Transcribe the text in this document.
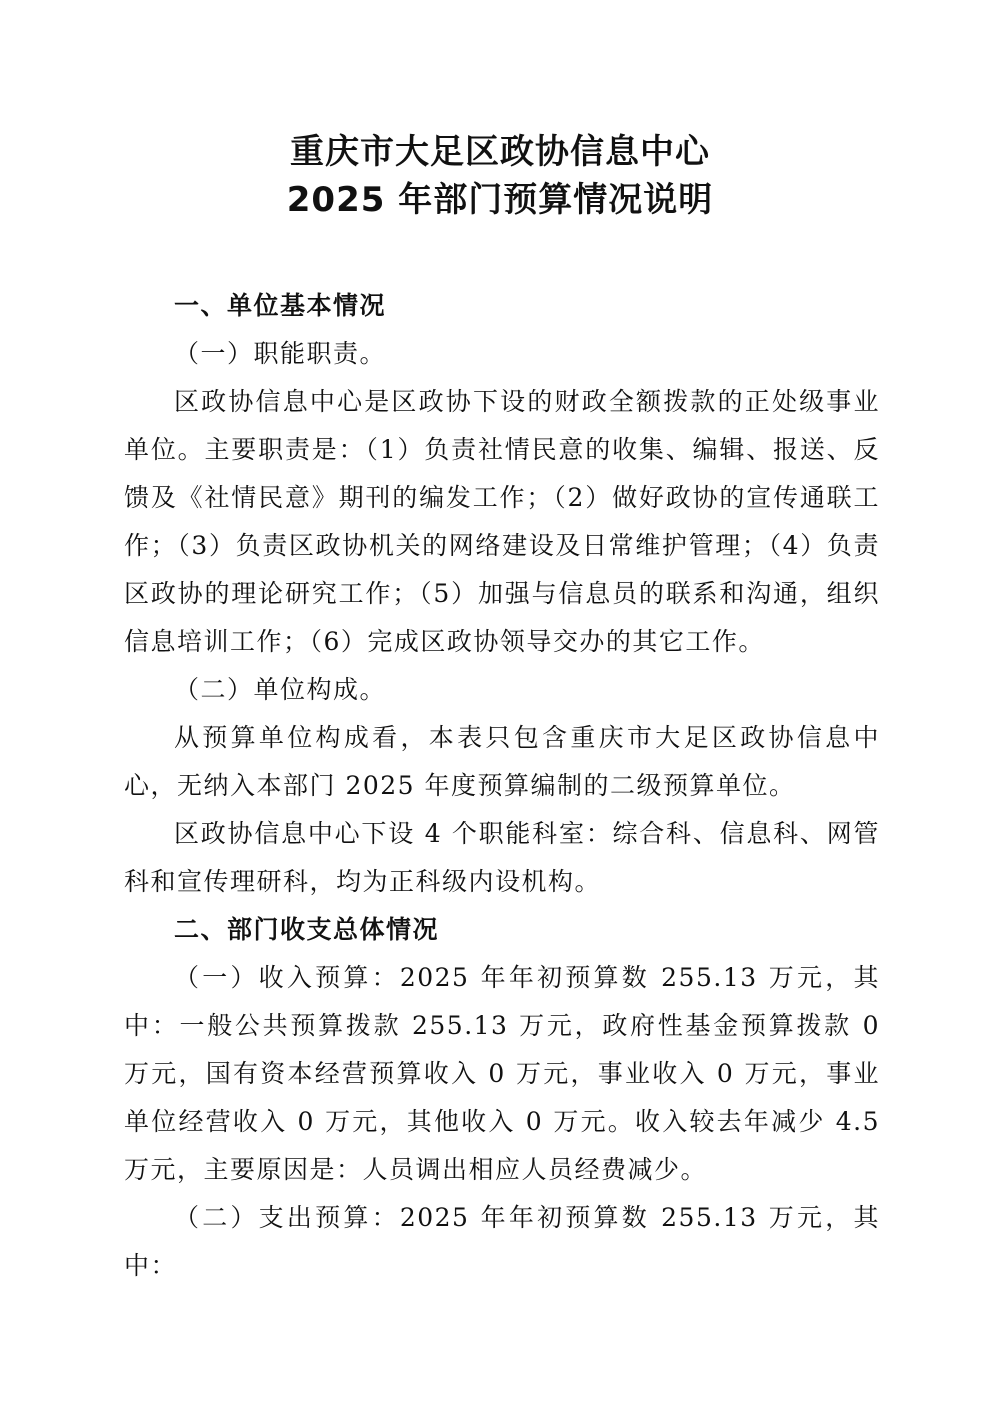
重庆市大足区政协信息中心
2025 年部门预算情况说明
一、单位基本情况

（一）职能职责。

区政协信息中心是区政协下设的财政全额拨款的正处级事业单位。主要职责是：（1）负责社情民意的收集、编辑、报送、反馈及《社情民意》期刊的编发工作；（2）做好政协的宣传通联工作；（3）负责区政协机关的网络建设及日常维护管理；（4）负责区政协的理论研究工作；（5）加强与信息员的联系和沟通，组织信息培训工作；（6）完成区政协领导交办的其它工作。

（二）单位构成。

从预算单位构成看，本表只包含重庆市大足区政协信息中心，无纳入本部门 2025 年度预算编制的二级预算单位。

区政协信息中心下设 4 个职能科室：综合科、信息科、网管科和宣传理研科，均为正科级内设机构。

二、部门收支总体情况

（一）收入预算：2025 年年初预算数 255.13 万元，其中：一般公共预算拨款 255.13 万元，政府性基金预算拨款 0 万元，国有资本经营预算收入 0 万元，事业收入 0 万元，事业单位经营收入 0 万元，其他收入 0 万元。收入较去年减少 4.5 万元，主要原因是：人员调出相应人员经费减少。

（二）支出预算：2025 年年初预算数 255.13 万元，其中：
